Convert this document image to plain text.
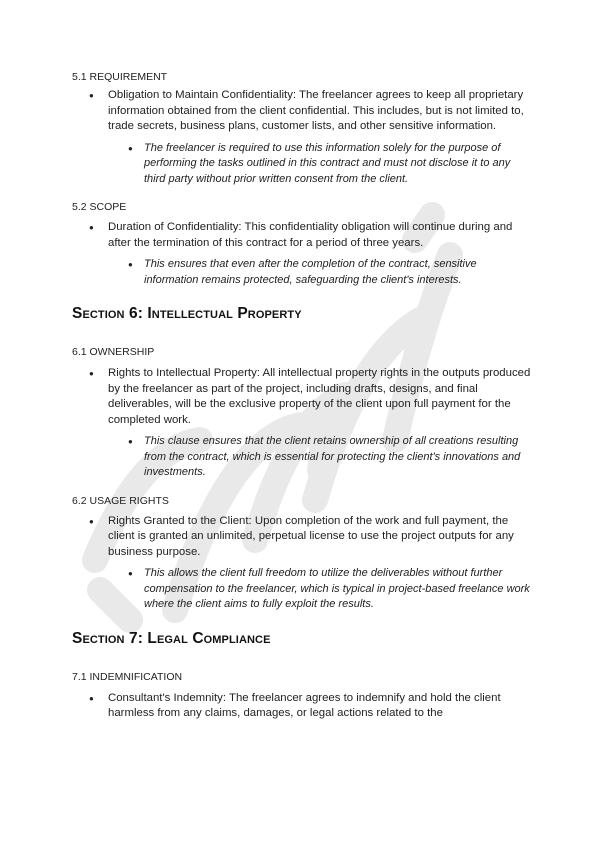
5.1 REQUIREMENT

● Obligation to Maintain Confidentiality: The freelancer agrees to keep all proprietary information obtained from the client confidential. This includes, but is not limited to, trade secrets, business plans, customer lists, and other sensitive information.
● The freelancer is required to use this information solely for the purpose of performing the tasks outlined in this contract and must not disclose it to any third party without prior written consent from the client.

5.2 SCOPE

● Duration of Confidentiality: This confidentiality obligation will continue during and after the termination of this contract for a period of three years.
● This ensures that even after the completion of the contract, sensitive information remains protected, safeguarding the client's interests.
Section 6: Intellectual Property

6.1 OWNERSHIP

● Rights to Intellectual Property: All intellectual property rights in the outputs produced by the freelancer as part of the project, including drafts, designs, and final deliverables, will be the exclusive property of the client upon full payment for the completed work.
● This clause ensures that the client retains ownership of all creations resulting from the contract, which is essential for protecting the client's innovations and investments.

6.2 USAGE RIGHTS

● Rights Granted to the Client: Upon completion of the work and full payment, the client is granted an unlimited, perpetual license to use the project outputs for any business purpose.
● This allows the client full freedom to utilize the deliverables without further compensation to the freelancer, which is typical in project-based freelance work where the client aims to fully exploit the results.
Section 7: Legal Compliance

7.1 INDEMNIFICATION

● Consultant's Indemnity: The freelancer agrees to indemnify and hold the client harmless from any claims, damages, or legal actions related to the
